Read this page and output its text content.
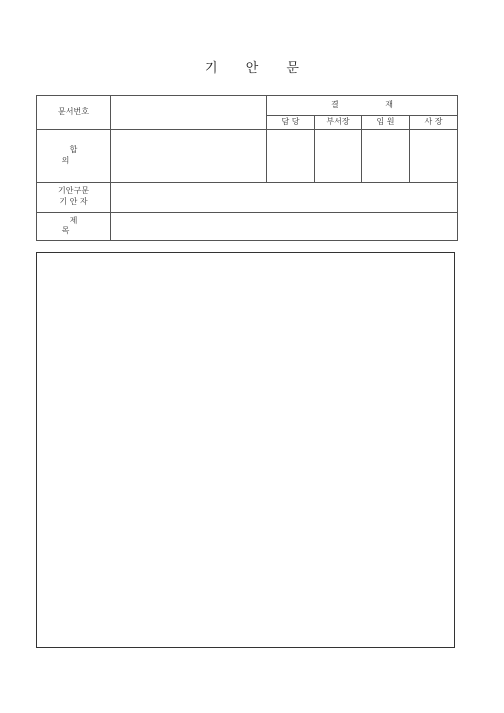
기 안 문
문서번호		결 재			
		담 당	부서장	임 원	사 장
합 의					

기안구문
기 안 자					

제 목					
